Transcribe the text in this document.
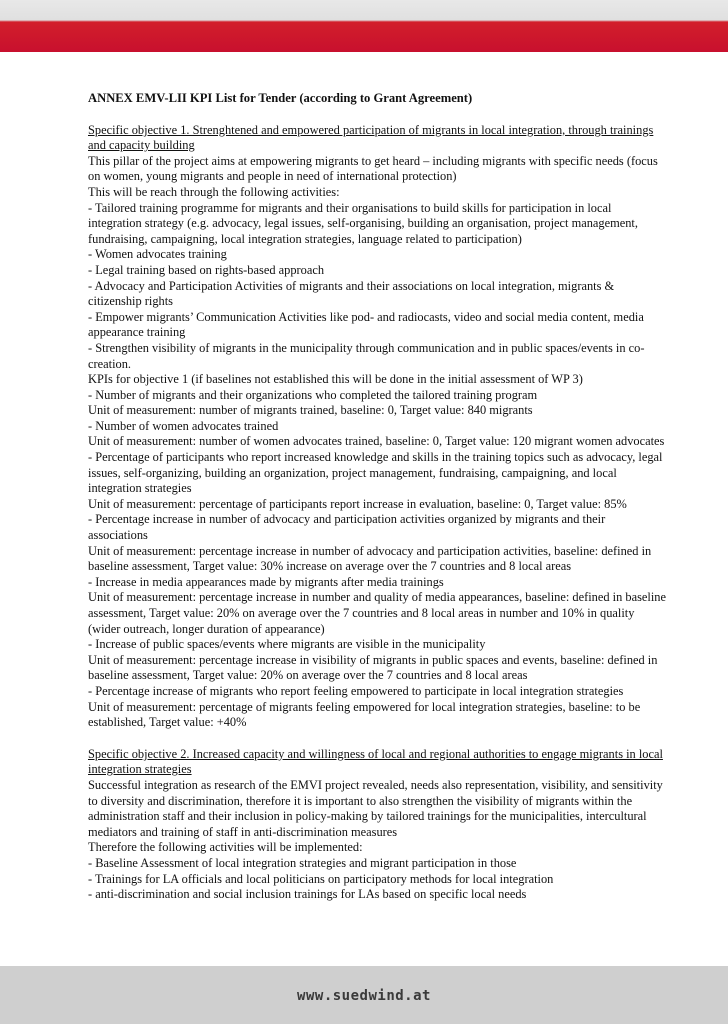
ANNEX EMV-LII KPI List for Tender (according to Grant Agreement)
Specific objective 1. Strenghtened and empowered participation of migrants in local integration, through trainings and capacity building
This pillar of the project aims at empowering migrants to get heard – including migrants with specific needs (focus on women, young migrants and people in need of international protection)
This will be reach through the following activities:
- Tailored training programme for migrants and their organisations to build skills for participation in local integration strategy (e.g. advocacy, legal issues, self-organising, building an organisation, project management, fundraising, campaigning, local integration strategies, language related to participation)
- Women advocates training
- Legal training based on rights-based approach
- Advocacy and Participation Activities of migrants and their associations on local integration, migrants & citizenship rights
- Empower migrants’ Communication Activities like pod- and radiocasts, video and social media content, media appearance training
- Strengthen visibility of migrants in the municipality through communication and in public spaces/events in co-creation.
KPIs for objective 1 (if baselines not established this will be done in the initial assessment of WP 3)
- Number of migrants and their organizations who completed the tailored training program
Unit of measurement: number of migrants trained, baseline: 0, Target value: 840 migrants
- Number of women advocates trained
Unit of measurement: number of women advocates trained, baseline: 0, Target value: 120 migrant women advocates
- Percentage of participants who report increased knowledge and skills in the training topics such as advocacy, legal issues, self-organizing, building an organization, project management, fundraising, campaigning, and local integration strategies
Unit of measurement: percentage of participants report increase in evaluation, baseline: 0, Target value: 85%
- Percentage increase in number of advocacy and participation activities organized by migrants and their associations
Unit of measurement: percentage increase in number of advocacy and participation activities, baseline: defined in baseline assessment, Target value: 30% increase on average over the 7 countries and 8 local areas
- Increase in media appearances made by migrants after media trainings
Unit of measurement: percentage increase in number and quality of media appearances, baseline: defined in baseline assessment, Target value: 20% on average over the 7 countries and 8 local areas in number and 10% in quality (wider outreach, longer duration of appearance)
- Increase of public spaces/events where migrants are visible in the municipality
Unit of measurement: percentage increase in visibility of migrants in public spaces and events, baseline: defined in baseline assessment, Target value: 20% on average over the 7 countries and 8 local areas
- Percentage increase of migrants who report feeling empowered to participate in local integration strategies
Unit of measurement: percentage of migrants feeling empowered for local integration strategies, baseline: to be established, Target value: +40%
Specific objective 2. Increased capacity and willingness of local and regional authorities to engage migrants in local integration strategies
Successful integration as research of the EMVI project revealed, needs also representation, visibility, and sensitivity to diversity and discrimination, therefore it is important to also strengthen the visibility of migrants within the administration staff and their inclusion in policy-making by tailored trainings for the municipalities, intercultural mediators and training of staff in anti-discrimination measures
Therefore the following activities will be implemented:
- Baseline Assessment of local integration strategies and migrant participation in those
- Trainings for LA officials and local politicians on participatory methods for local integration
- anti-discrimination and social inclusion trainings for LAs based on specific local needs
www.suedwind.at
